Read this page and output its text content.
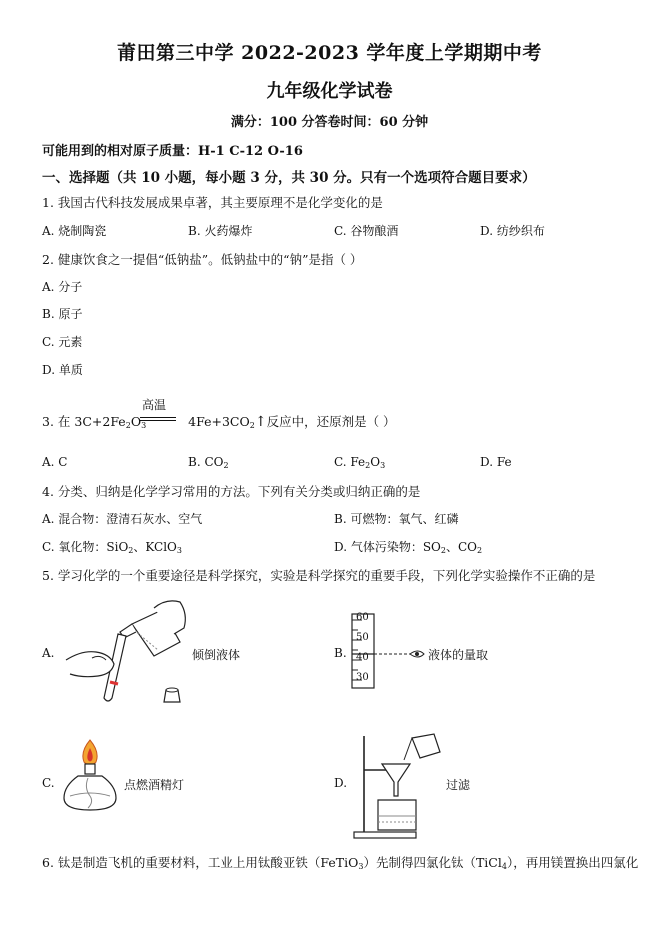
莆田第三中学 2022-2023 学年度上学期期中考
九年级化学试卷
满分：100 分答卷时间：60 分钟
可能用到的相对原子质量：H-1 C-12 O-16
一、选择题（共 10 小题，每小题 3 分，共 30 分。只有一个选项符合题目要求）
1. 我国古代科技发展成果卓著，其主要原理不是化学变化的是
A. 烧制陶瓷	B. 火药爆炸	C. 谷物酿酒	D. 纺纱织布
2. 健康饮食之一提倡“低钠盐”。低钠盐中的“钠”是指（ ）
A. 分子
B. 原子
C. 元素
D. 单质
高温
3. 在 $3C+2Fe_2O_3$	$4Fe+3CO_2↑$反应中，还原剂是（ ）
A. C	B. $CO_2$	C. $Fe_2O_3$	D. Fe
4. 分类、归纳是化学学习常用的方法。下列有关分类或归纳正确的是
A. 混合物：澄清石灰水、空气	B. 可燃物：氧气、红磷
C. 氧化物：SiO$_2$、KClO$_3$	D. 气体污染物：$SO_2$、$CO_2$
5. 学习化学的一个重要途径是科学探究，实验是科学探究的重要手段，下列化学实验操作不正确的是
A.	倾倒液体	B.
60
50
40
30
液体的量取
C.	点燃酒精灯	D.	过滤
6. 钛是制造飞机的重要材料，工业上用钛酸亚铁（FeTiO$_3$）先制得四氯化钛（TiCl$_4$），再用镁置换出四氯化
